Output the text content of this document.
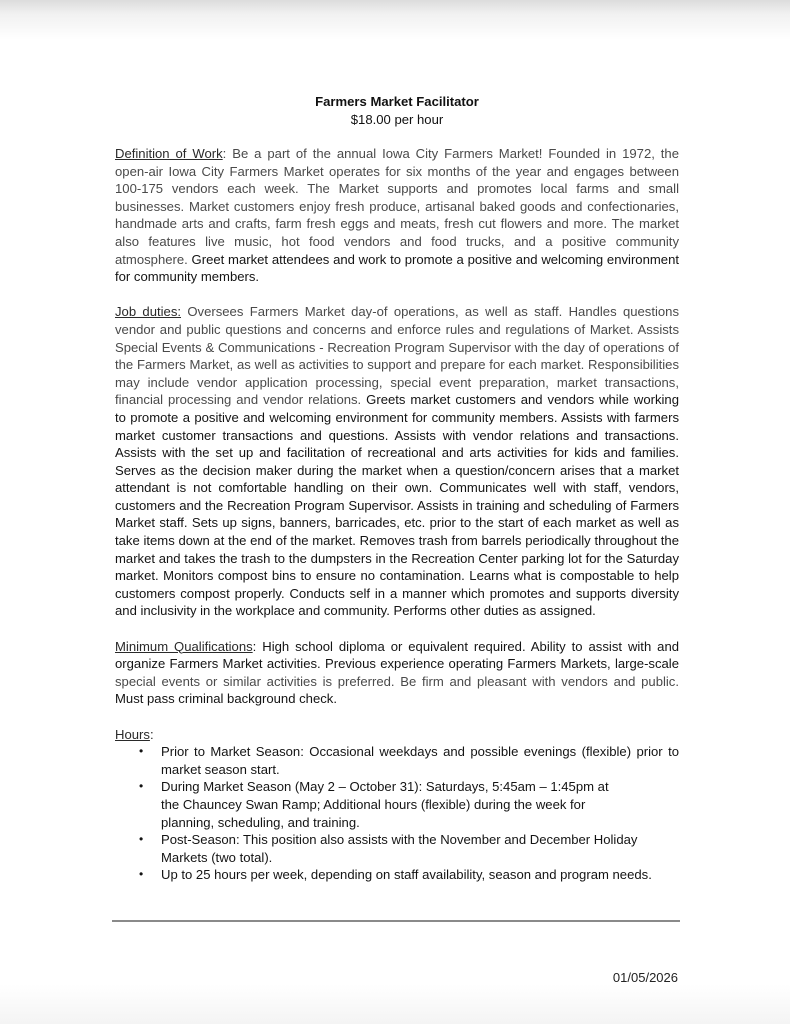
Farmers Market Facilitator

$18.00 per hour

Definition of Work: Be a part of the annual Iowa City Farmers Market! Founded in 1972, the open-air Iowa City Farmers Market operates for six months of the year and engages between 100-175 vendors each week. The Market supports and promotes local farms and small businesses. Market customers enjoy fresh produce, artisanal baked goods and confectionaries, handmade arts and crafts, farm fresh eggs and meats, fresh cut flowers and more. The market also features live music, hot food vendors and food trucks, and a positive community atmosphere. Greet market attendees and work to promote a positive and welcoming environment for community members.

Job duties: Oversees Farmers Market day-of operations, as well as staff. Handles questions vendor and public questions and concerns and enforce rules and regulations of Market. Assists Special Events & Communications - Recreation Program Supervisor with the day of operations of the Farmers Market, as well as activities to support and prepare for each market. Responsibilities may include vendor application processing, special event preparation, market transactions, financial processing and vendor relations. Greets market customers and vendors while working to promote a positive and welcoming environment for community members. Assists with farmers market customer transactions and questions. Assists with vendor relations and transactions. Assists with the set up and facilitation of recreational and arts activities for kids and families. Serves as the decision maker during the market when a question/concern arises that a market attendant is not comfortable handling on their own. Communicates well with staff, vendors, customers and the Recreation Program Supervisor. Assists in training and scheduling of Farmers Market staff. Sets up signs, banners, barricades, etc. prior to the start of each market as well as take items down at the end of the market. Removes trash from barrels periodically throughout the market and takes the trash to the dumpsters in the Recreation Center parking lot for the Saturday market. Monitors compost bins to ensure no contamination. Learns what is compostable to help customers compost properly. Conducts self in a manner which promotes and supports diversity and inclusivity in the workplace and community. Performs other duties as assigned.

Minimum Qualifications: High school diploma or equivalent required. Ability to assist with and organize Farmers Market activities. Previous experience operating Farmers Markets, large-scale special events or similar activities is preferred. Be firm and pleasant with vendors and public. Must pass criminal background check.

Hours:

• Prior to Market Season: Occasional weekdays and possible evenings (flexible) prior to market season start.
• During Market Season (May 2 – October 31): Saturdays, 5:45am – 1:45pm at the Chauncey Swan Ramp; Additional hours (flexible) during the week for planning, scheduling, and training.
• Post-Season: This position also assists with the November and December Holiday Markets (two total).
• Up to 25 hours per week, depending on staff availability, season and program needs.
01/05/2026
